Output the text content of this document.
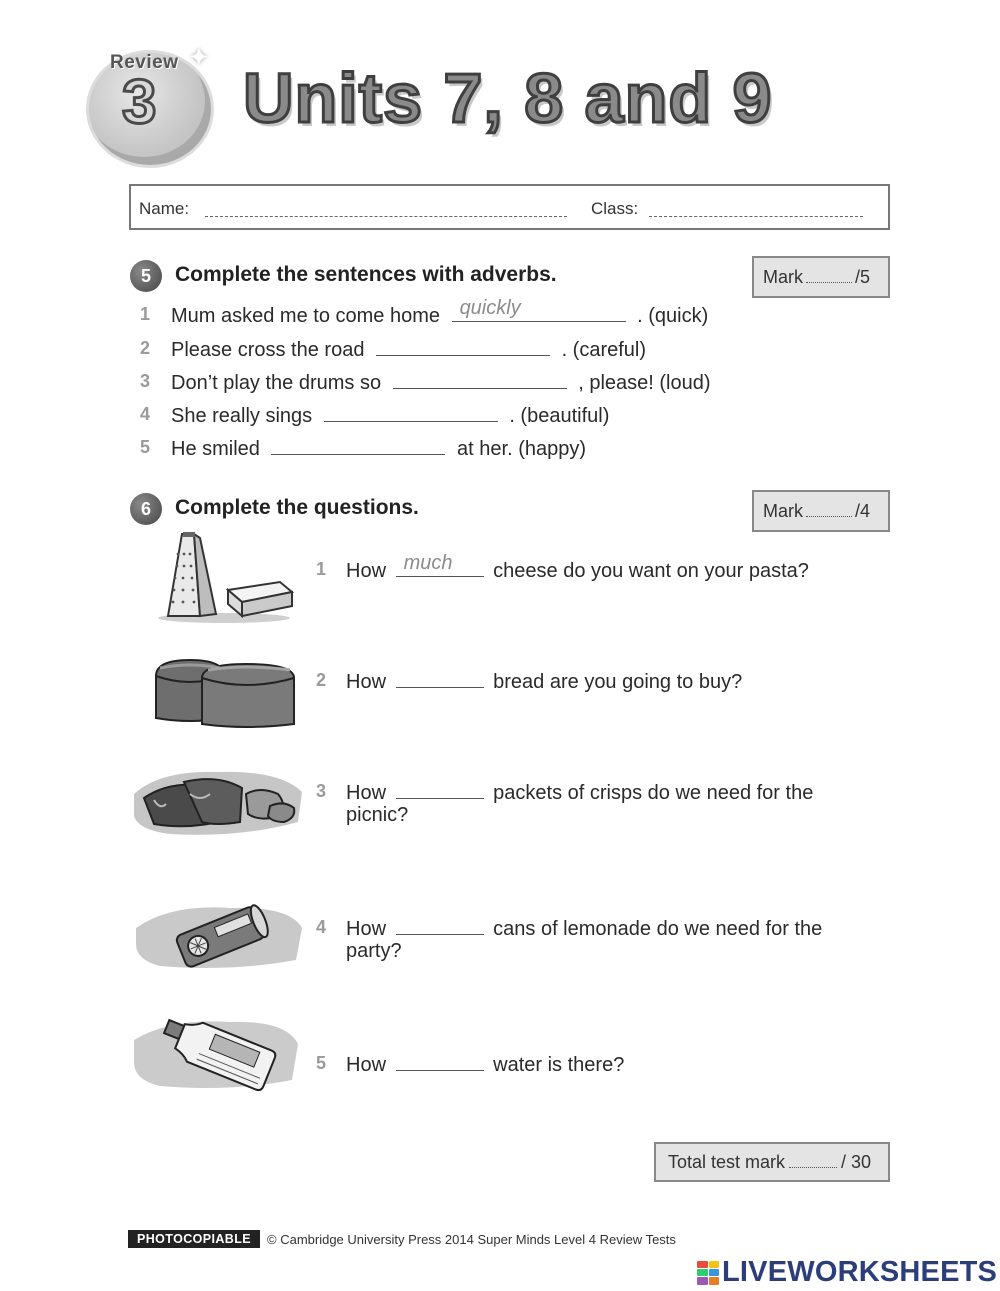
Review
3
✦
Units 7, 8 and 9
Name:	Class:
5	Complete the sentences with adverbs.	Mark	/5
1 Mum asked me to come home quickly	. (quick)
2 Please cross the road	. (careful)
3 Don’t play the drums so	, please! (loud)
4 She really sings	. (beautiful)
5 He smiled	at her. (happy)
6	Complete the questions.	Mark	/4
1 How much cheese do you want on your pasta?
2 How	bread are you going to buy?
3 How	packets of crisps do we need for the
picnic?
4 How	cans of lemonade do we need for the
party?
5 How	water is there?
Total test mark	/ 30
PHOTOCOPIABLE	© Cambridge University Press 2014 Super Minds Level 4 Review Tests
LIVEWORKSHEETS
